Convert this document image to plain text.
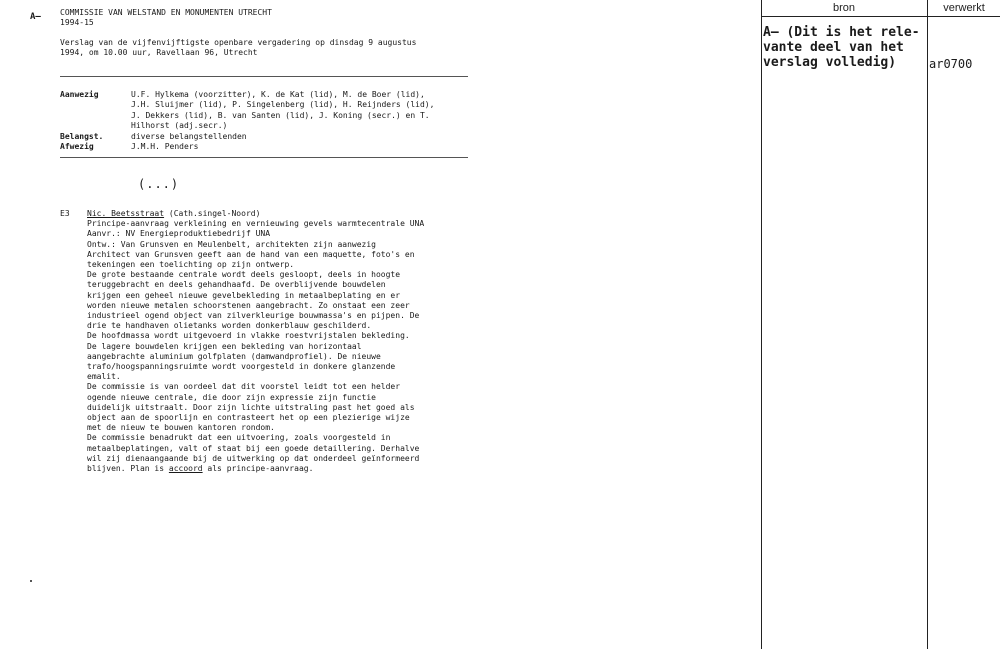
A— COMMISSIE VAN WELSTAND EN MONUMENTEN UTRECHT
1994-15
Verslag van de vijfenvijftigste openbare vergadering op dinsdag 9 augustus
1994, om 10.00 uur, Ravellaan 96, Utrecht
Aanwezig	U.F. Hylkema (voorzitter), K. de Kat (lid), M. de Boer (lid),
J.H. Sluijmer (lid), P. Singelenberg (lid), H. Reijnders (lid),
J. Dekkers (lid), B. van Santen (lid), J. Koning (secr.) en T.
Hilhorst (adj.secr.)
Belangst.	diverse belangstellenden
Afwezig	J.M.H. Penders
(...)
E3 Nic. Beetsstraat (Cath.singel-Noord)
Principe-aanvraag verkleining en vernieuwing gevels warmtecentrale UNA
Aanvr.: NV Energieproduktiebedrijf UNA
Ontw.: Van Grunsven en Meulenbelt, architekten zijn aanwezig
Architect van Grunsven geeft aan de hand van een maquette, foto's en
tekeningen een toelichting op zijn ontwerp.
De grote bestaande centrale wordt deels gesloopt, deels in hoogte
teruggebracht en deels gehandhaafd. De overblijvende bouwdelen
krijgen een geheel nieuwe gevelbekleding in metaalbeplating en er
worden nieuwe metalen schoorstenen aangebracht. Zo onstaat een zeer
industrieel ogend object van zilverkleurige bouwmassa's en pijpen. De
drie te handhaven olietanks worden donkerblauw geschilderd.
De hoofdmassa wordt uitgevoerd in vlakke roestvrijstalen bekleding.
De lagere bouwdelen krijgen een bekleding van horizontaal
aangebrachte aluminium golfplaten (damwandprofiel). De nieuwe
trafo/hoogspanningsruimte wordt voorgesteld in donkere glanzende
emalit.
De commissie is van oordeel dat dit voorstel leidt tot een helder
ogende nieuwe centrale, die door zijn expressie zijn functie
duidelijk uitstraalt. Door zijn lichte uitstraling past het goed als
object aan de spoorlijn en contrasteert het op een plezierige wijze
met de nieuw te bouwen kantoren rondom.
De commissie benadrukt dat een uitvoering, zoals voorgesteld in
metaalbeplatingen, valt of staat bij een goede detaillering. Derhalve
wil zij dienaangaande bij de uitwerking op dat onderdeel geïnformeerd
blijven. Plan is accoord als principe-aanvraag.
bron	verwerkt
A— (Dit is het rele-
vante deel van het
verslag volledig)	ar0700
